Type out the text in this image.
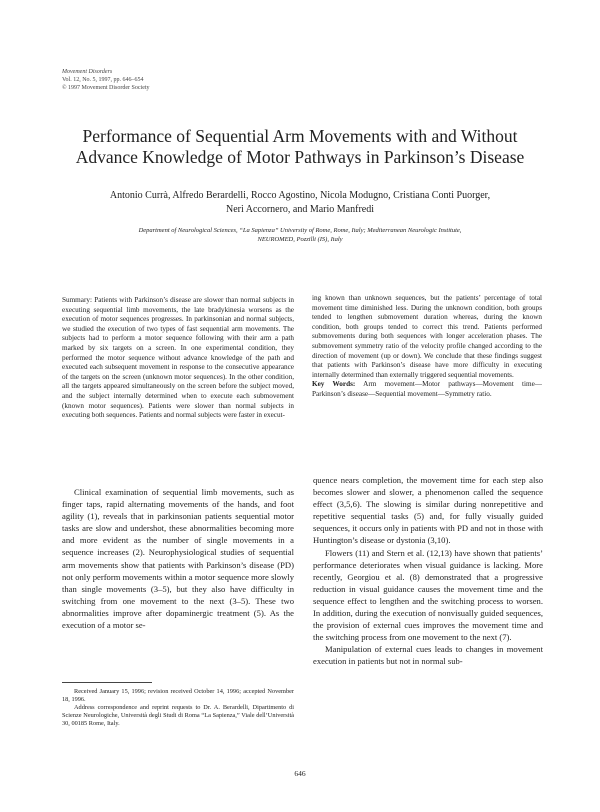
Movement Disorders
Vol. 12, No. 5, 1997, pp. 646–654
© 1997 Movement Disorder Society
Performance of Sequential Arm Movements with and Without
Advance Knowledge of Motor Pathways in Parkinson’s Disease
Antonio Currà, Alfredo Berardelli, Rocco Agostino, Nicola Modugno, Cristiana Conti Puorger,
Neri Accornero, and Mario Manfredi
Department of Neurological Sciences, “La Sapienza” University of Rome, Rome, Italy; Mediterranean Neurologic Institute,
NEUROMED, Pozzilli (IS), Italy

Summary: Patients with Parkinson’s disease are slower than normal subjects in executing sequential limb movements, the late bradykinesia worsens as the execution of motor sequences progresses. In parkinsonian and normal subjects, we studied the execution of two types of fast sequential arm movements. The subjects had to perform a motor sequence following with their arm a path marked by six targets on a screen. In one experimental condition, they performed the motor sequence without advance knowledge of the path and executed each subsequent movement in response to the consecutive appearance of the targets on the screen (unknown motor sequences). In the other condition, all the targets appeared simultaneously on the screen before the subject moved, and the subject internally determined when to execute each submovement (known motor sequences). Patients were slower than normal subjects in executing both sequences. Patients and normal subjects were faster in execut-

ing known than unknown sequences, but the patients’ percentage of total movement time diminished less. During the unknown condition, both groups tended to lengthen submovement duration whereas, during the known condition, both groups tended to correct this trend. Patients performed submovements during both sequences with longer acceleration phases. The submovement symmetry ratio of the velocity profile changed according to the direction of movement (up or down). We conclude that these findings suggest that patients with Parkinson’s disease have more difficulty in executing internally determined than externally triggered sequential movements.

Key Words: Arm movement—Motor pathways—Movement time—Parkinson’s disease—Sequential movement—Symmetry ratio.

Clinical examination of sequential limb movements, such as finger taps, rapid alternating movements of the hands, and foot agility (1), reveals that in parkinsonian patients sequential motor tasks are slow and undershot, these abnormalities becoming more and more evident as the number of single movements in a sequence increases (2). Neurophysiological studies of sequential arm movements show that patients with Parkinson’s disease (PD) not only perform movements within a motor sequence more slowly than single movements (3–5), but they also have difficulty in switching from one movement to the next (3–5). These two abnormalities improve after dopaminergic treatment (5). As the execution of a motor se-

quence nears completion, the movement time for each step also becomes slower and slower, a phenomenon called the sequence effect (3,5,6). The slowing is similar during nonrepetitive and repetitive sequential tasks (5) and, for fully visually guided sequences, it occurs only in patients with PD and not in those with Huntington’s disease or dystonia (3,10).

Flowers (11) and Stern et al. (12,13) have shown that patients’ performance deteriorates when visual guidance is lacking. More recently, Georgiou et al. (8) demonstrated that a progressive reduction in visual guidance causes the movement time and the sequence effect to lengthen and the switching process to worsen. In addition, during the execution of nonvisually guided sequences, the provision of external cues improves the movement time and the switching process from one movement to the next (7).

Manipulation of external cues leads to changes in movement execution in patients but not in normal sub-

Received January 15, 1996; revision received October 14, 1996; accepted November 18, 1996.

Address correspondence and reprint requests to Dr. A. Berardelli, Dipartimento di Scienze Neurologiche, Università degli Studi di Roma “La Sapienza,” Viale dell’Università 30, 00185 Rome, Italy.

646
